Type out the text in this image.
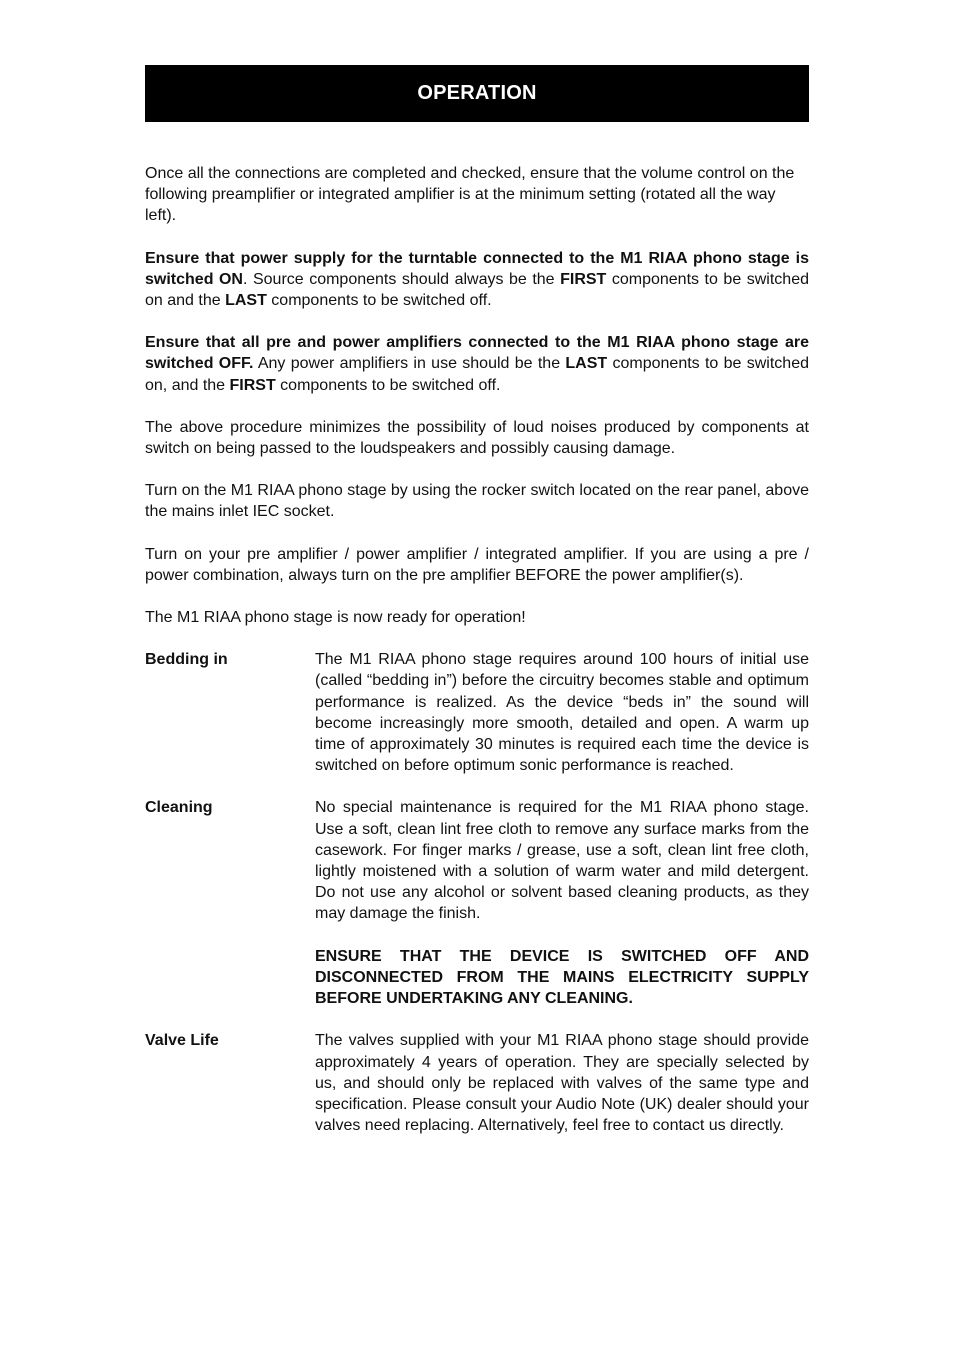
OPERATION

Once all the connections are completed and checked, ensure that the volume control on the following preamplifier or integrated amplifier is at the minimum setting (rotated all the way left).

Ensure that power supply for the turntable connected to the M1 RIAA phono stage is switched ON. Source components should always be the FIRST components to be switched on and the LAST components to be switched off.

Ensure that all pre and power amplifiers connected to the M1 RIAA phono stage are switched OFF. Any power amplifiers in use should be the LAST components to be switched on, and the FIRST components to be switched off.

The above procedure minimizes the possibility of loud noises produced by components at switch on being passed to the loudspeakers and possibly causing damage.

Turn on the M1 RIAA phono stage by using the rocker switch located on the rear panel, above the mains inlet IEC socket.

Turn on your pre amplifier / power amplifier / integrated amplifier. If you are using a pre / power combination, always turn on the pre amplifier BEFORE the power amplifier(s).

The M1 RIAA phono stage is now ready for operation!

Bedding in	The M1 RIAA phono stage requires around 100 hours of initial use (called “bedding in”) before the circuitry becomes stable and optimum performance is realized. As the device “beds in” the sound will become increasingly more smooth, detailed and open. A warm up time of approximately 30 minutes is required each time the device is switched on before optimum sonic performance is reached.

Cleaning	No special maintenance is required for the M1 RIAA phono stage. Use a soft, clean lint free cloth to remove any surface marks from the casework. For finger marks / grease, use a soft, clean lint free cloth, lightly moistened with a solution of warm water and mild detergent. Do not use any alcohol or solvent based cleaning products, as they may damage the finish.

ENSURE THAT THE DEVICE IS SWITCHED OFF AND DISCONNECTED FROM THE MAINS ELECTRICITY SUPPLY BEFORE UNDERTAKING ANY CLEANING.

Valve Life	The valves supplied with your M1 RIAA phono stage should provide approximately 4 years of operation. They are specially selected by us, and should only be replaced with valves of the same type and specification. Please consult your Audio Note (UK) dealer should your valves need replacing. Alternatively, feel free to contact us directly.
